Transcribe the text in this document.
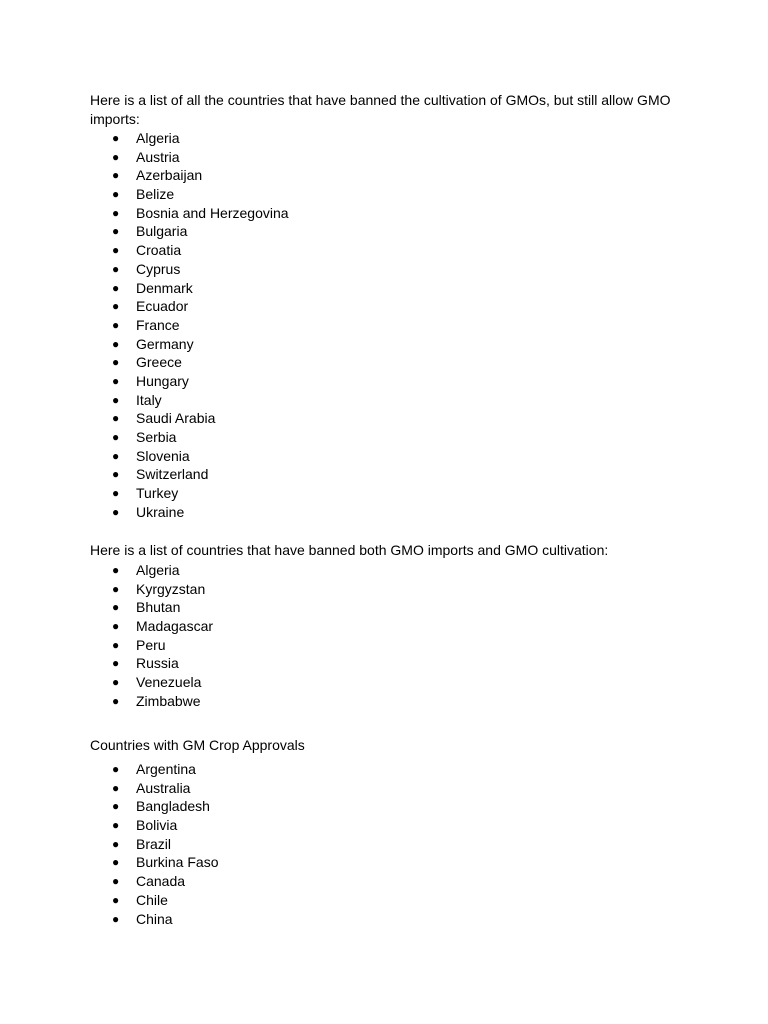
Here is a list of all the countries that have banned the cultivation of GMOs, but still allow GMO imports:

● Algeria
● Austria
● Azerbaijan
● Belize
● Bosnia and Herzegovina
● Bulgaria
● Croatia
● Cyprus
● Denmark
● Ecuador
● France
● Germany
● Greece
● Hungary
● Italy
● Saudi Arabia
● Serbia
● Slovenia
● Switzerland
● Turkey
● Ukraine

Here is a list of countries that have banned both GMO imports and GMO cultivation:

● Algeria
● Kyrgyzstan
● Bhutan
● Madagascar
● Peru
● Russia
● Venezuela
● Zimbabwe

Countries with GM Crop Approvals

● Argentina
● Australia
● Bangladesh
● Bolivia
● Brazil
● Burkina Faso
● Canada
● Chile
● China
